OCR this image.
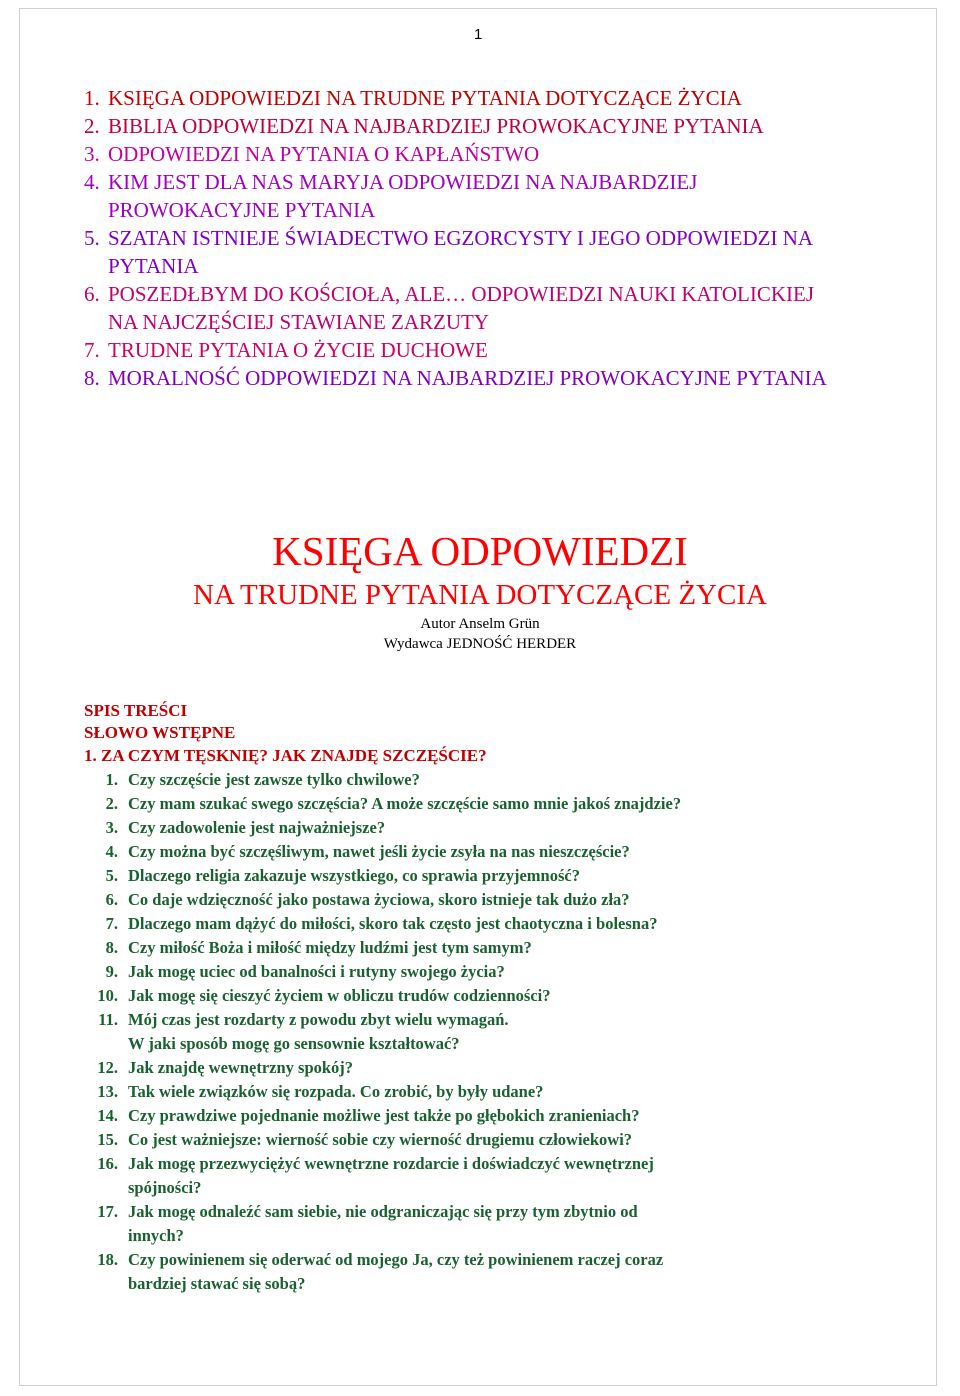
1

1. KSIĘGA ODPOWIEDZI NA TRUDNE PYTANIA DOTYCZĄCE ŻYCIA
2. BIBLIA ODPOWIEDZI NA NAJBARDZIEJ PROWOKACYJNE PYTANIA
3. ODPOWIEDZI NA PYTANIA O KAPŁAŃSTWO
4. KIM JEST DLA NAS MARYJA ODPOWIEDZI NA NAJBARDZIEJ PROWOKACYJNE PYTANIA
5. SZATAN ISTNIEJE ŚWIADECTWO EGZORCYSTY I JEGO ODPOWIEDZI NA PYTANIA
6. POSZEDŁBYM DO KOŚCIOŁA, ALE… ODPOWIEDZI NAUKI KATOLICKIEJ NA NAJCZĘŚCIEJ STAWIANE ZARZUTY
7. TRUDNE PYTANIA O ŻYCIE DUCHOWE
8. MORALNOŚĆ ODPOWIEDZI NA NAJBARDZIEJ PROWOKACYJNE PYTANIA

KSIĘGA ODPOWIEDZI

NA TRUDNE PYTANIA DOTYCZĄCE ŻYCIA

Autor Anselm Grün

Wydawca JEDNOŚĆ HERDER

SPIS TREŚCI

SŁOWO WSTĘPNE

1. ZA CZYM TĘSKNIĘ? JAK ZNAJDĘ SZCZĘŚCIE?

1. Czy szczęście jest zawsze tylko chwilowe?
2. Czy mam szukać swego szczęścia? A może szczęście samo mnie jakoś znajdzie?
3. Czy zadowolenie jest najważniejsze?
4. Czy można być szczęśliwym, nawet jeśli życie zsyła na nas nieszczęście?
5. Dlaczego religia zakazuje wszystkiego, co sprawia przyjemność?
6. Co daje wdzięczność jako postawa życiowa, skoro istnieje tak dużo zła?
7. Dlaczego mam dążyć do miłości, skoro tak często jest chaotyczna i bolesna?
8. Czy miłość Boża i miłość między ludźmi jest tym samym?
9. Jak mogę uciec od banalności i rutyny swojego życia?
10. Jak mogę się cieszyć życiem w obliczu trudów codzienności?
11. Mój czas jest rozdarty z powodu zbyt wielu wymagań.
W jaki sposób mogę go sensownie kształtować?
12. Jak znajdę wewnętrzny spokój?
13. Tak wiele związków się rozpada. Co zrobić, by były udane?
14. Czy prawdziwe pojednanie możliwe jest także po głębokich zranieniach?
15. Co jest ważniejsze: wierność sobie czy wierność drugiemu człowiekowi?
16. Jak mogę przezwyciężyć wewnętrzne rozdarcie i doświadczyć wewnętrznej
spójności?
17. Jak mogę odnaleźć sam siebie, nie odgraniczając się przy tym zbytnio od
innych?
18. Czy powinienem się oderwać od mojego Ja, czy też powinienem raczej coraz
bardziej stawać się sobą?
